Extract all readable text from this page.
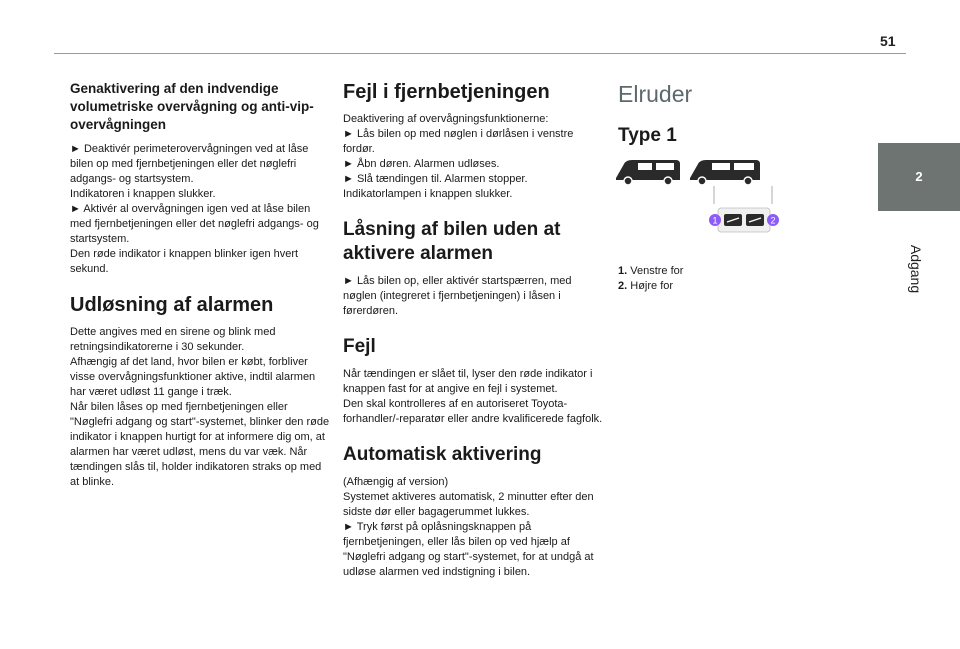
51
2
Adgang
Genaktivering af den indvendige volumetriske overvågning og anti-vip-overvågningen

► Deaktivér perimeterovervågningen ved at låse bilen op med fjernbetjeningen eller det nøglefri adgangs- og startsystem.
Indikatoren i knappen slukker.
► Aktivér al overvågningen igen ved at låse bilen med fjernbetjeningen eller det nøglefri adgangs- og startsystem.
Den røde indikator i knappen blinker igen hvert sekund.

Udløsning af alarmen

Dette angives med en sirene og blink med retningsindikatorerne i 30 sekunder.
Afhængig af det land, hvor bilen er købt, forbliver visse overvågningsfunktioner aktive, indtil alarmen har været udløst 11 gange i træk.
Når bilen låses op med fjernbetjeningen eller "Nøglefri adgang og start"-systemet, blinker den røde indikator i knappen hurtigt for at informere dig om, at alarmen har været udløst, mens du var væk. Når tændingen slås til, holder indikatoren straks op med at blinke.

Fejl i fjernbetjeningen

Deaktivering af overvågningsfunktionerne:
► Lås bilen op med nøglen i dørlåsen i venstre fordør.
► Åbn døren. Alarmen udløses.
► Slå tændingen til. Alarmen stopper.
Indikatorlampen i knappen slukker.

Låsning af bilen uden at aktivere alarmen

► Lås bilen op, eller aktivér startspærren, med nøglen (integreret i fjernbetjeningen) i låsen i førerdøren.

Fejl

Når tændingen er slået til, lyser den røde indikator i knappen fast for at angive en fejl i systemet.
Den skal kontrolleres af en autoriseret Toyota-forhandler/-reparatør eller andre kvalificerede fagfolk.

Automatisk aktivering

(Afhængig af version)
Systemet aktiveres automatisk, 2 minutter efter den sidste dør eller bagagerummet lukkes.
► Tryk først på oplåsningsknappen på fjernbetjeningen, eller lås bilen op ved hjælp af "Nøglefri adgang og start"-systemet, for at undgå at udløse alarmen ved indstigning i bilen.

Elruder
Type 1
1	2
1. Venstre for
2. Højre for
